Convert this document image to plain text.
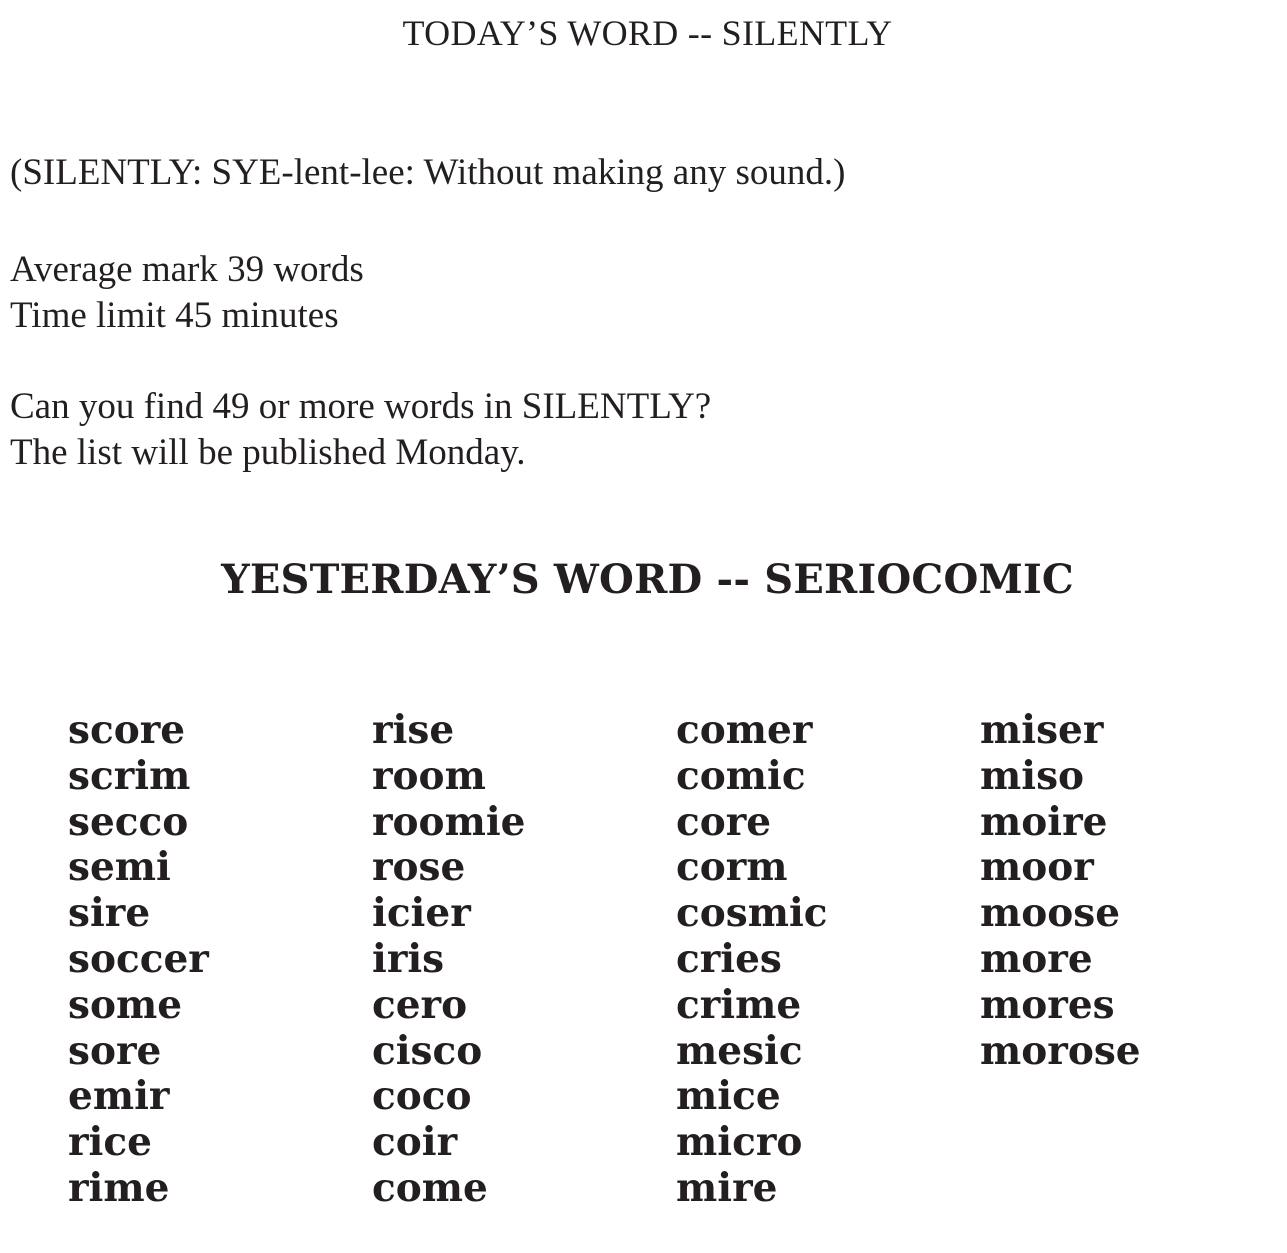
TODAY’S WORD -- SILENTLY
(SILENTLY: SYE-lent-lee: Without making any sound.)
Average mark 39 words
Time limit 45 minutes
Can you find 49 or more words in SILENTLY?
The list will be published Monday.
YESTERDAY’S WORD -- SERIOCOMIC
score
scrim
secco
semi
sire
soccer
some
sore
emir
rice
rime
rise
room
roomie
rose
icier
iris
cero
cisco
coco
coir
come
comer
comic
core
corm
cosmic
cries
crime
mesic
mice
micro
mire
miser
miso
moire
moor
moose
more
mores
morose
